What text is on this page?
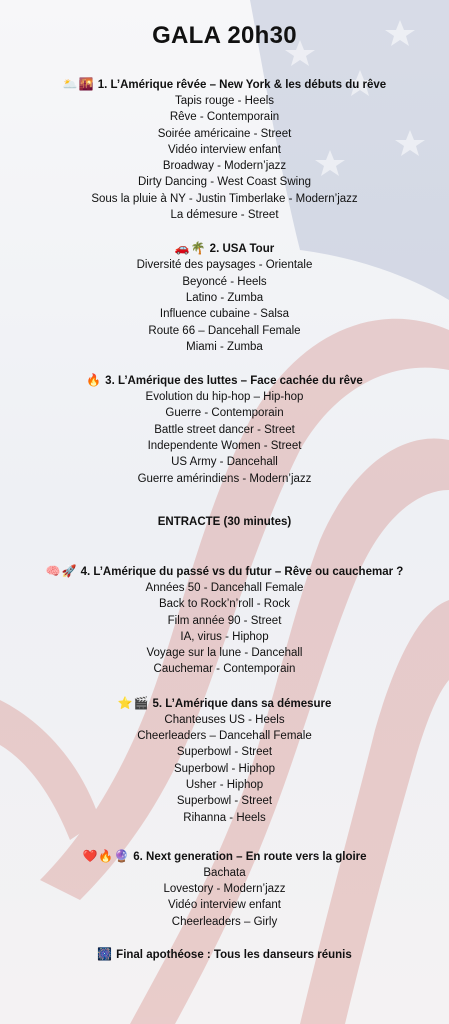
GALA 20h30
🌥️🌇 1. L’Amérique rêvée – New York & les débuts du rêve
Tapis rouge - Heels
Rêve - Contemporain
Soirée américaine - Street
Vidéo interview enfant
Broadway - Modern’jazz
Dirty Dancing - West Coast Swing
Sous la pluie à NY - Justin Timberlake - Modern’jazz
La démesure - Street
🚗🌴 2. USA Tour
Diversité des paysages - Orientale
Beyoncé - Heels
Latino - Zumba
Influence cubaine - Salsa
Route 66 – Dancehall Female
Miami - Zumba
🔥 3. L’Amérique des luttes – Face cachée du rêve
Evolution du hip-hop – Hip-hop
Guerre - Contemporain
Battle street dancer - Street
Independente Women - Street
US Army - Dancehall
Guerre amérindiens - Modern’jazz
ENTRACTE (30 minutes)
🧠🚀 4. L’Amérique du passé vs du futur – Rêve ou cauchemar ?
Années 50 - Dancehall Female
Back to Rock’n’roll - Rock
Film année 90 - Street
IA, virus - Hiphop
Voyage sur la lune - Dancehall
Cauchemar - Contemporain
⭐🎬 5. L’Amérique dans sa démesure
Chanteuses US - Heels
Cheerleaders – Dancehall Female
Superbowl - Street
Superbowl - Hiphop
Usher - Hiphop
Superbowl - Street
Rihanna - Heels
❤️🔥🔮 6. Next generation – En route vers la gloire
Bachata
Lovestory - Modern’jazz
Vidéo interview enfant
Cheerleaders – Girly
🎆 Final apothéose : Tous les danseurs réunis
